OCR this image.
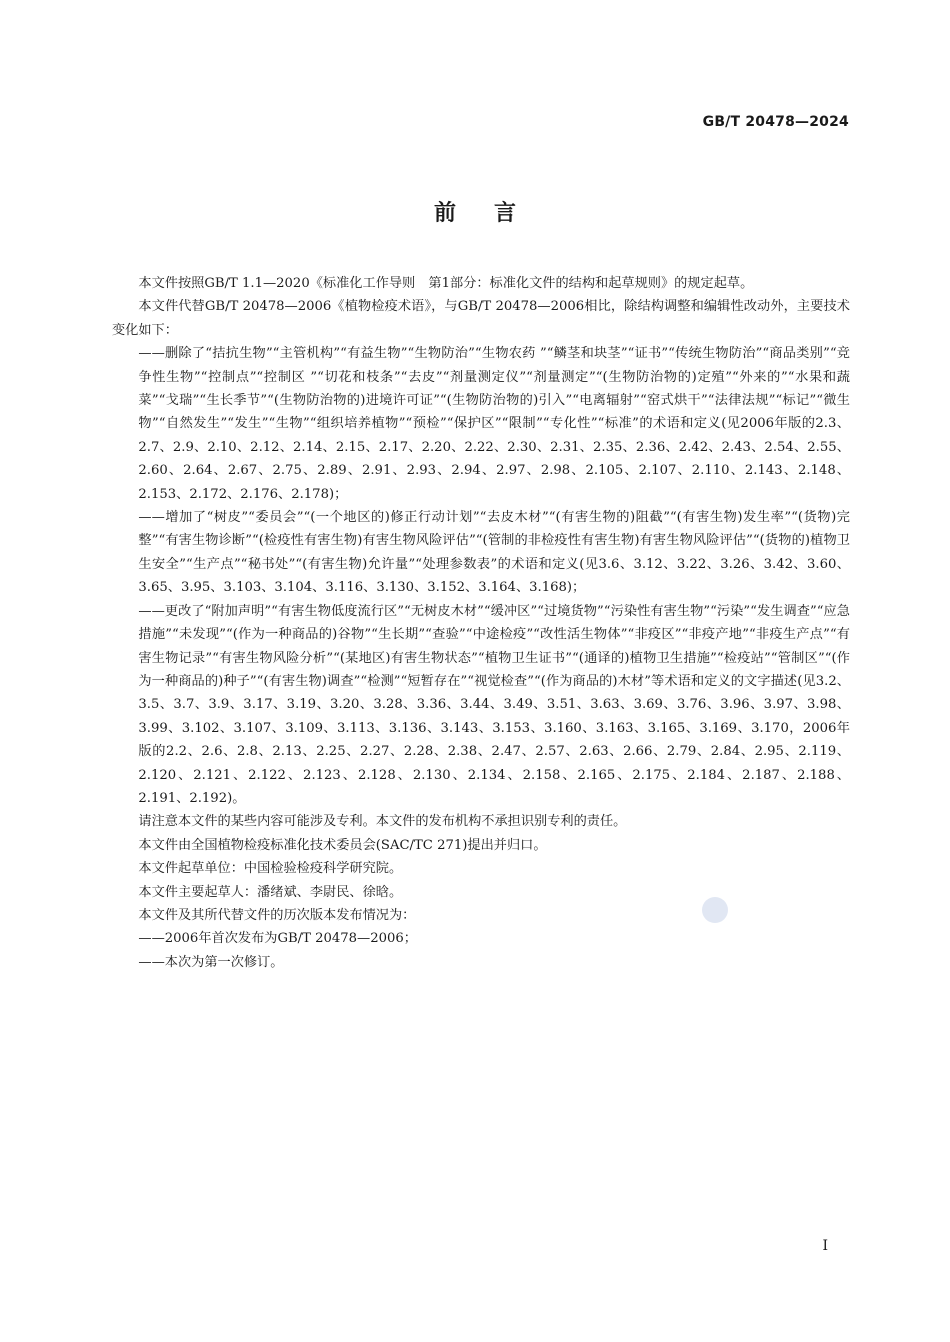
GB/T 20478—2024
前言

本文件按照GB/T 1.1—2020《标准化工作导则　第1部分：标准化文件的结构和起草规则》的规定起草。

本文件代替GB/T 20478—2006《植物检疫术语》，与GB/T 20478—2006相比，除结构调整和编辑性改动外，主要技术变化如下：

——删除了“拮抗生物”“主管机构”“有益生物”“生物防治”“生物农药 ”“鳞茎和块茎”“证书”“传统生物防治”“商品类别”“竞争性生物”“控制点”“控制区 ”“切花和枝条”“去皮”“剂量测定仪”“剂量测定”“(生物防治物的)定殖”“外来的”“水果和蔬菜”“戈瑞”“生长季节”“(生物防治物的)进境许可证”“(生物防治物的)引入”“电离辐射”“窑式烘干”“法律法规”“标记”“微生物”“自然发生”“发生”“生物”“组织培养植物”“预检”“保护区”“限制”“专化性”“标准”的术语和定义(见2006年版的2.3、2.7、2.9、2.10、2.12、2.14、2.15、2.17、2.20、2.22、2.30、2.31、2.35、2.36、2.42、2.43、2.54、2.55、2.60、2.64、2.67、2.75、2.89、2.91、2.93、2.94、2.97、2.98、2.105、2.107、2.110、2.143、2.148、2.153、2.172、2.176、2.178)；

——增加了“树皮”“委员会”“(一个地区的)修正行动计划”“去皮木材”“(有害生物的)阻截”“(有害生物)发生率”“(货物)完整”“有害生物诊断”“(检疫性有害生物)有害生物风险评估”“(管制的非检疫性有害生物)有害生物风险评估”“(货物的)植物卫生安全”“生产点”“秘书处”“(有害生物)允许量”“处理参数表”的术语和定义(见3.6、3.12、3.22、3.26、3.42、3.60、3.65、3.95、3.103、3.104、3.116、3.130、3.152、3.164、3.168)；

——更改了“附加声明”“有害生物低度流行区”“无树皮木材”“缓冲区”“过境货物”“污染性有害生物”“污染”“发生调查”“应急措施”“未发现”“(作为一种商品的)谷物”“生长期”“查验”“中途检疫”“改性活生物体”“非疫区”“非疫产地”“非疫生产点”“有害生物记录”“有害生物风险分析”“(某地区)有害生物状态”“植物卫生证书”“(通译的)植物卫生措施”“检疫站”“管制区”“(作为一种商品的)种子”“(有害生物)调查”“检测”“短暂存在”“视觉检查”“(作为商品的)木材”等术语和定义的文字描述(见3.2、3.5、3.7、3.9、3.17、3.19、3.20、3.28、3.36、3.44、3.49、3.51、3.63、3.69、3.76、3.96、3.97、3.98、3.99、3.102、3.107、3.109、3.113、3.136、3.143、3.153、3.160、3.163、3.165、3.169、3.170，2006年版的2.2、2.6、2.8、2.13、2.25、2.27、2.28、2.38、2.47、2.57、2.63、2.66、2.79、2.84、2.95、2.119、2.120、2.121、2.122、2.123、2.128、2.130、2.134、2.158、2.165、2.175、2.184、2.187、2.188、2.191、2.192)。

请注意本文件的某些内容可能涉及专利。本文件的发布机构不承担识别专利的责任。

本文件由全国植物检疫标准化技术委员会(SAC/TC 271)提出并归口。

本文件起草单位：中国检验检疫科学研究院。

本文件主要起草人：潘绪斌、李尉民、徐晗。

本文件及其所代替文件的历次版本发布情况为：

——2006年首次发布为GB/T 20478—2006；

——本次为第一次修订。

I
